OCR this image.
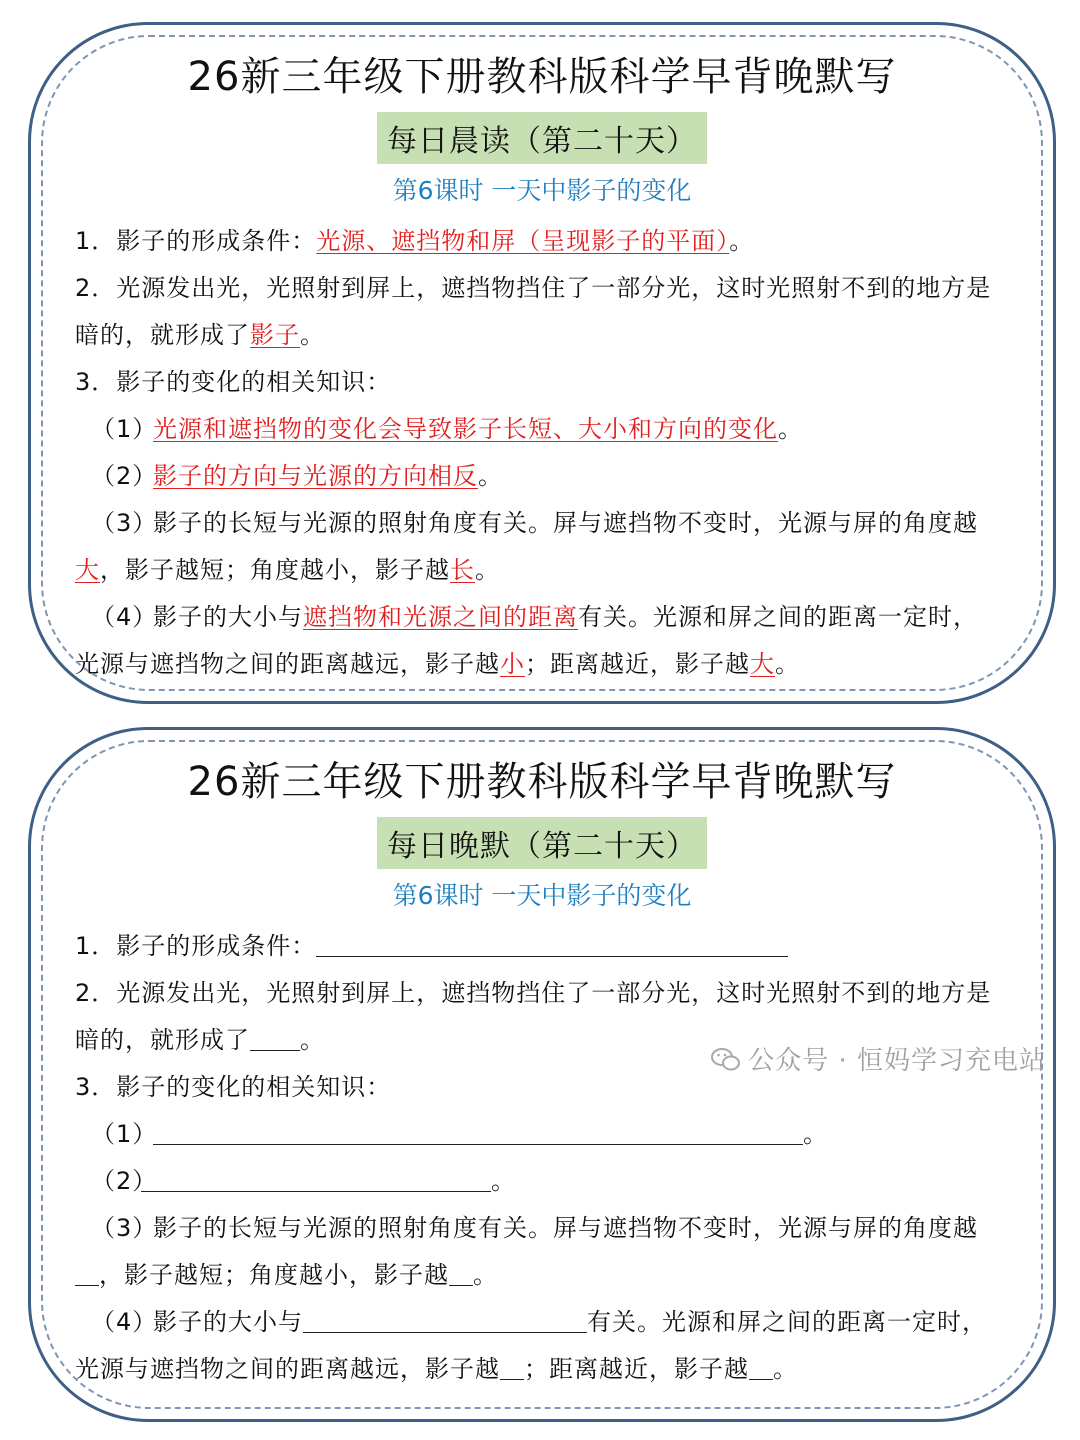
26新三年级下册教科版科学早背晚默写
每日晨读（第二十天）
第6课时 一天中影子的变化
1．影子的形成条件：光源、遮挡物和屏（呈现影子的平面）。
2．光源发出光，光照射到屏上，遮挡物挡住了一部分光，这时光照射不到的地方是
暗的，就形成了影子。
3．影子的变化的相关知识：
（1）光源和遮挡物的变化会导致影子长短、大小和方向的变化。
（2）影子的方向与光源的方向相反。
（3）影子的长短与光源的照射角度有关。屏与遮挡物不变时，光源与屏的角度越
大，影子越短；角度越小，影子越长。
（4）影子的大小与遮挡物和光源之间的距离有关。光源和屏之间的距离一定时，
光源与遮挡物之间的距离越远，影子越小；距离越近，影子越大。
26新三年级下册教科版科学早背晚默写
每日晚默（第二十天）
第6课时 一天中影子的变化
1．影子的形成条件：
2．光源发出光，光照射到屏上，遮挡物挡住了一部分光，这时光照射不到的地方是
暗的，就形成了 。
3．影子的变化的相关知识：
（1）	。
（2）	。
（3）影子的长短与光源的照射角度有关。屏与遮挡物不变时，光源与屏的角度越
，影子越短；角度越小，影子越 。
（4）影子的大小与	有关。光源和屏之间的距离一定时，
光源与遮挡物之间的距离越远，影子越 ；距离越近，影子越 。
公众号 · 恒妈学习充电站
